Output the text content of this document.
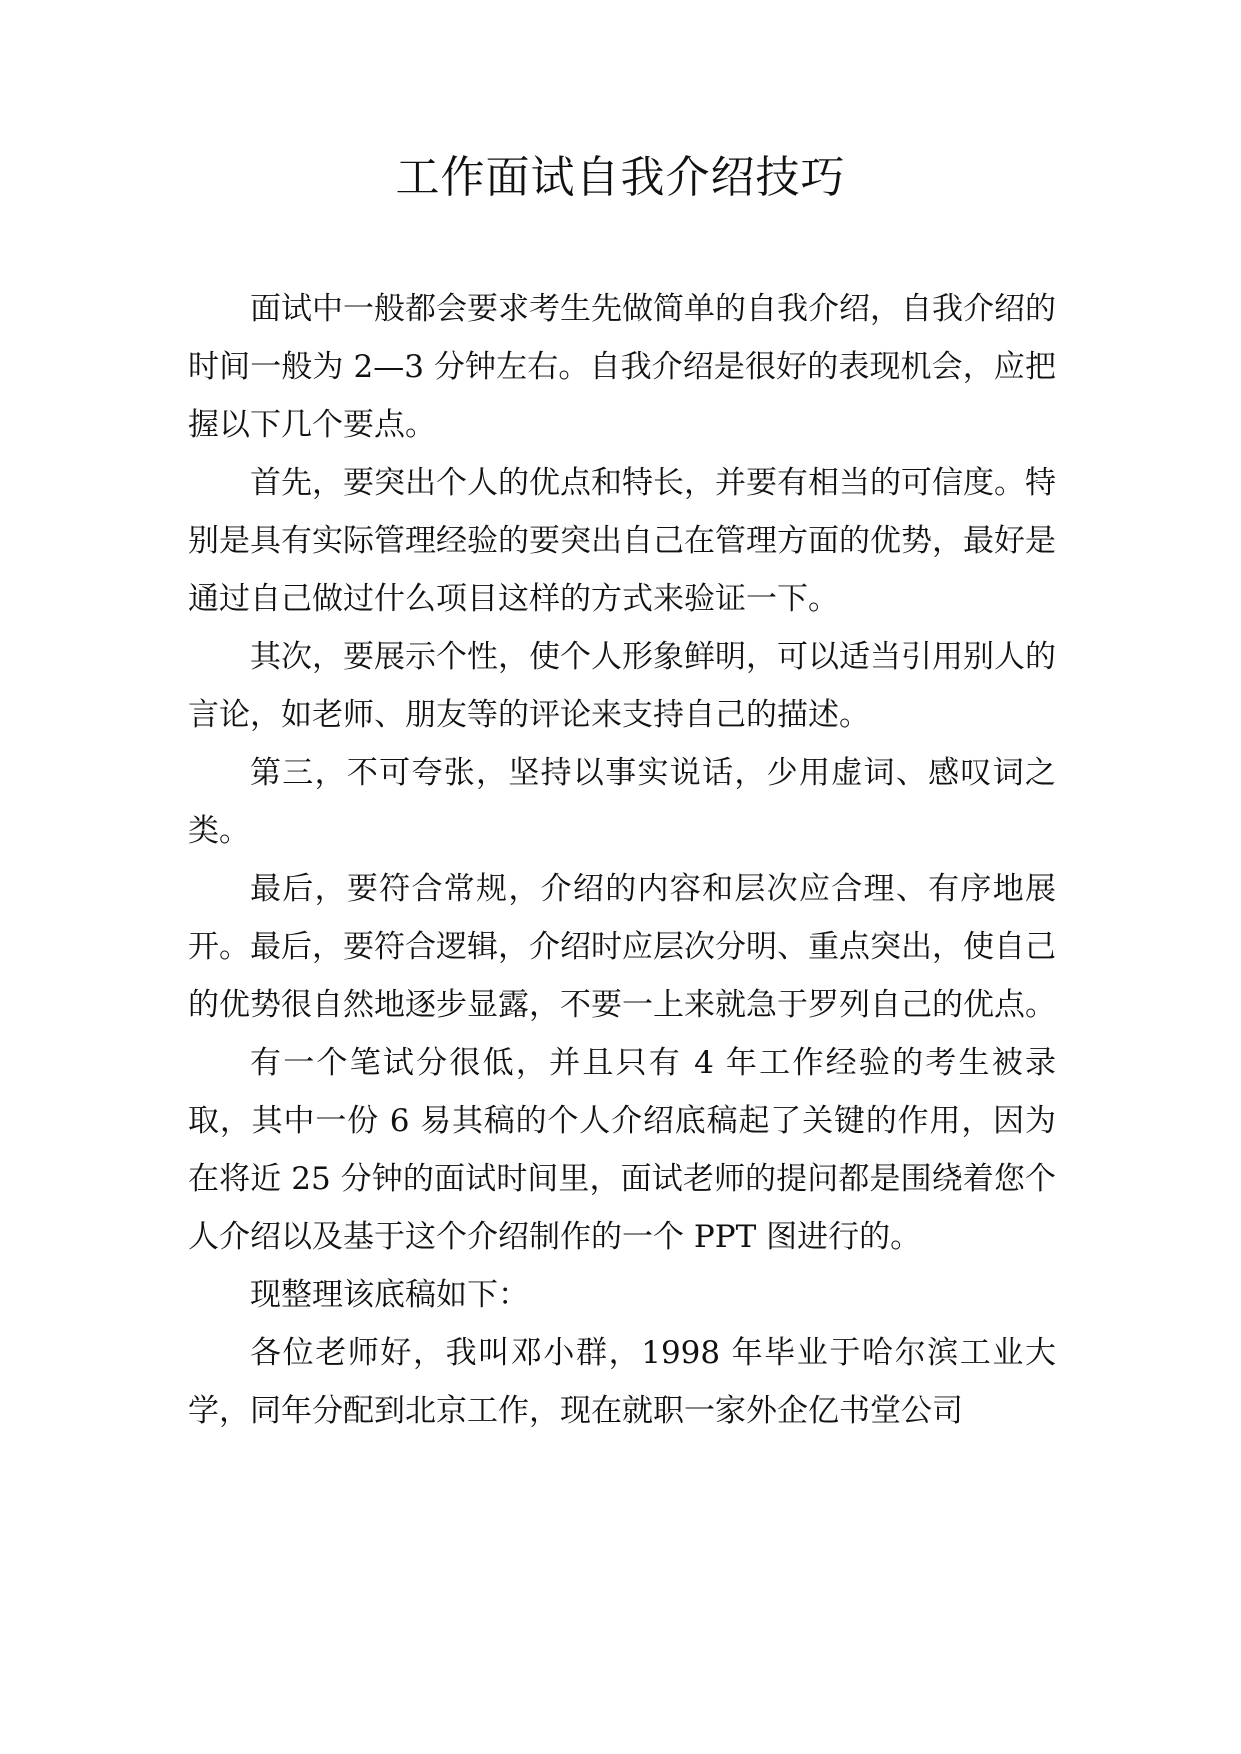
工作面试自我介绍技巧

面试中一般都会要求考生先做简单的自我介绍，自我介绍的时间一般为 2—3 分钟左右。自我介绍是很好的表现机会，应把握以下几个要点。

首先，要突出个人的优点和特长，并要有相当的可信度。特别是具有实际管理经验的要突出自己在管理方面的优势，最好是通过自己做过什么项目这样的方式来验证一下。

其次，要展示个性，使个人形象鲜明，可以适当引用别人的言论，如老师、朋友等的评论来支持自己的描述。

第三，不可夸张，坚持以事实说话，少用虚词、感叹词之类。

最后，要符合常规，介绍的内容和层次应合理、有序地展开。最后，要符合逻辑，介绍时应层次分明、重点突出，使自己的优势很自然地逐步显露，不要一上来就急于罗列自己的优点。

有一个笔试分很低，并且只有 4 年工作经验的考生被录取，其中一份 6 易其稿的个人介绍底稿起了关键的作用，因为在将近 25 分钟的面试时间里，面试老师的提问都是围绕着您个人介绍以及基于这个介绍制作的一个 PPT 图进行的。

现整理该底稿如下：

各位老师好，我叫邓小群，1998 年毕业于哈尔滨工业大学，同年分配到北京工作，现在就职一家外企亿书堂公司
